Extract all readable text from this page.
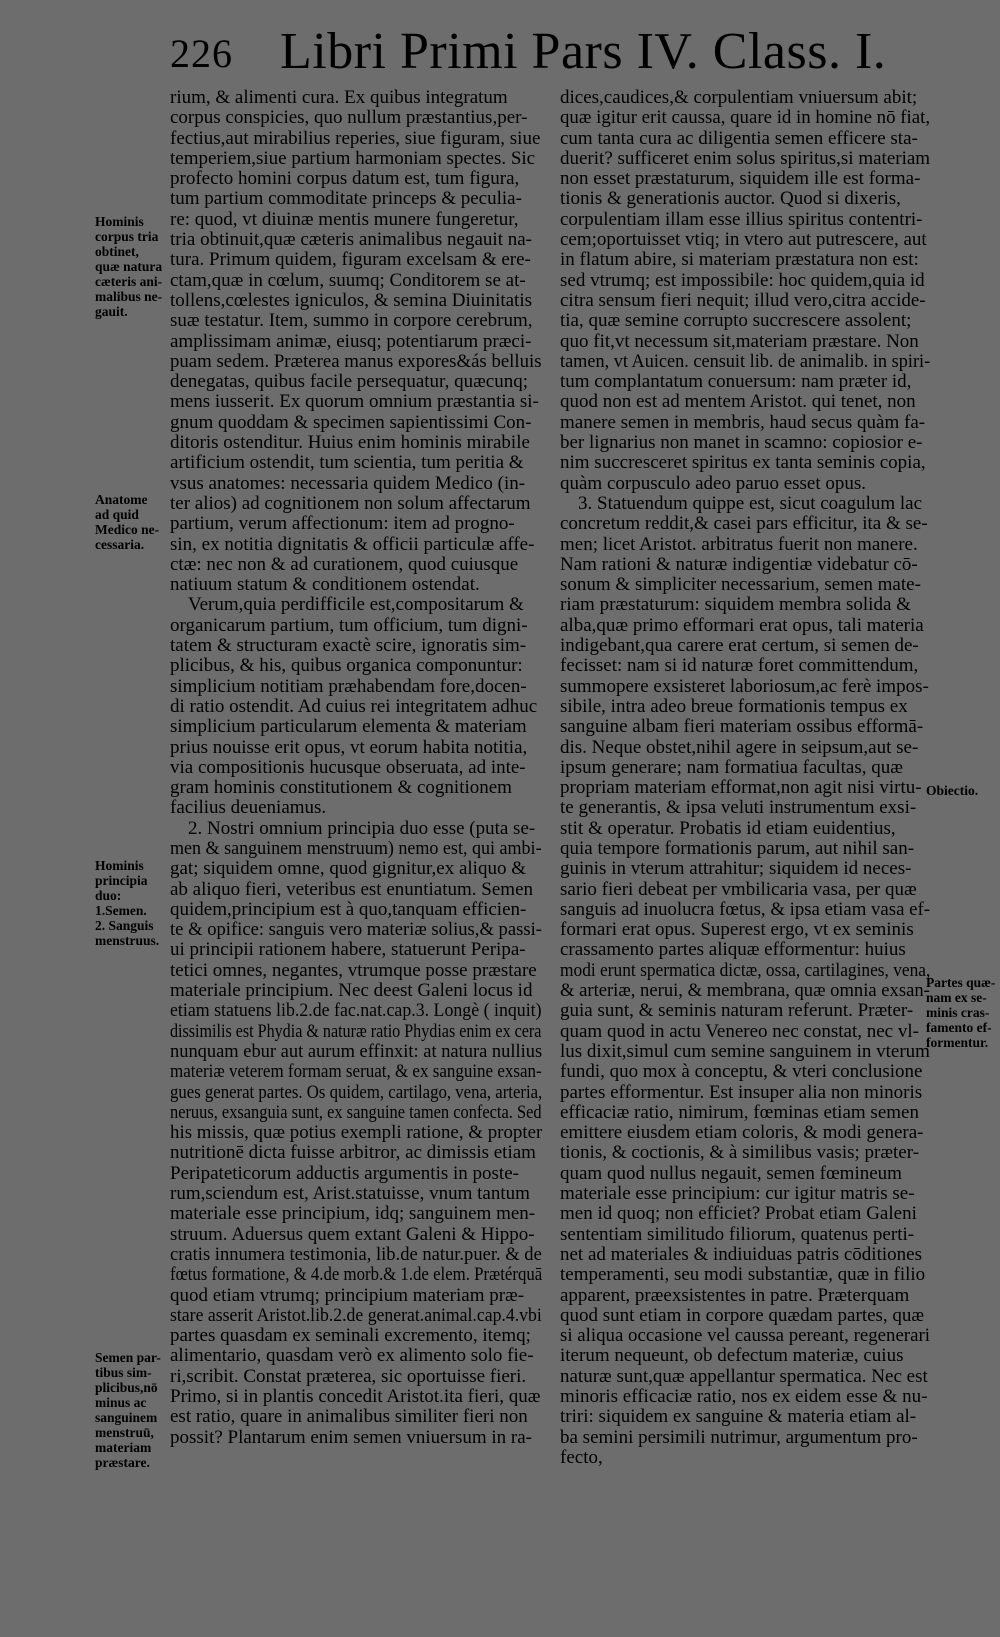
226 Libri Primi Pars IV. Class. I.

rium, & alimenti cura. Ex quibus integratum

corpus conspicies, quo nullum præstantius,per-

fectius,aut mirabilius reperies, siue figuram, siue

temperiem,siue partium harmoniam spectes. Sic

profecto homini corpus datum est, tum figura,

tum partium commoditate princeps & peculia-

re: quod, vt diuinæ mentis munere fungeretur,

tria obtinuit,quæ cæteris animalibus negauit na-

tura. Primum quidem, figuram excelsam & ere-

ctam,quæ in cœlum, suumq; Conditorem se at-

tollens,cœlestes igniculos, & semina Diuinitatis

suæ testatur. Item, summo in corpore cerebrum,

amplissimam animæ, eiusq; potentiarum præci-

puam sedem. Præterea manus expores&ás belluis

denegatas, quibus facile persequatur, quæcunq;

mens iusserit. Ex quorum omnium præstantia si-

gnum quoddam & specimen sapientissimi Con-

ditoris ostenditur. Huius enim hominis mirabile

artificium ostendit, tum scientia, tum peritia &

vsus anatomes: necessaria quidem Medico (in-

ter alios) ad cognitionem non solum affectarum

partium, verum affectionum: item ad progno-

sin, ex notitia dignitatis & officii particulæ affe-

ctæ: nec non & ad curationem, quod cuiusque

natiuum statum & conditionem ostendat.

Verum,quia perdifficile est,compositarum &

organicarum partium, tum officium, tum digni-

tatem & structuram exactè scire, ignoratis sim-

plicibus, & his, quibus organica componuntur:

simplicium notitiam præhabendam fore,docen-

di ratio ostendit. Ad cuius rei integritatem adhuc

simplicium particularum elementa & materiam

prius nouisse erit opus, vt eorum habita notitia,

via compositionis hucusque obseruata, ad inte-

gram hominis constitutionem & cognitionem

facilius deueniamus.

2. Nostri omnium principia duo esse (puta se-

men & sanguinem menstruum) nemo est, qui ambi-

gat; siquidem omne, quod gignitur,ex aliquo &

ab aliquo fieri, veteribus est enuntiatum. Semen

quidem,principium est à quo,tanquam efficien-

te & opifice: sanguis vero materiæ solius,& passi-

ui principii rationem habere, statuerunt Peripa-

tetici omnes, negantes, vtrumque posse præstare

materiale principium. Nec deest Galeni locus id

etiam statuens lib.2.de fac.nat.cap.3. Longè ( inquit)

dissimilis est Phydia & naturæ ratio Phydias enim ex cera

nunquam ebur aut aurum effinxit: at natura nullius

materiæ veterem formam seruat, & ex sanguine exsan-

gues generat partes. Os quidem, cartilago, vena, arteria,

neruus, exsanguia sunt, ex sanguine tamen confecta. Sed

his missis, quæ potius exempli ratione, & propter

nutritionē dicta fuisse arbitror, ac dimissis etiam

Peripateticorum adductis argumentis in poste-

rum,sciendum est, Arist.statuisse, vnum tantum

materiale esse principium, idq; sanguinem men-

struum. Aduersus quem extant Galeni & Hippo-

cratis innumera testimonia, lib.de natur.puer. & de

fœtus formatione, & 4.de morb.& 1.de elem. Prætérquā

quod etiam vtrumq; principium materiam præ-

stare asserit Aristot.lib.2.de generat.animal.cap.4.vbi

partes quasdam ex seminali excremento, itemq;

alimentario, quasdam verò ex alimento solo fie-

ri,scribit. Constat præterea, sic oportuisse fieri.

Primo, si in plantis concedit Aristot.ita fieri, quæ

est ratio, quare in animalibus similiter fieri non

possit? Plantarum enim semen vniuersum in ra-

dices,caudices,& corpulentiam vniuersum abit;

quæ igitur erit caussa, quare id in homine nō fiat,

cum tanta cura ac diligentia semen efficere sta-

duerit? sufficeret enim solus spiritus,si materiam

non esset præstaturum, siquidem ille est forma-

tionis & generationis auctor. Quod si dixeris,

corpulentiam illam esse illius spiritus contentri-

cem;oportuisset vtiq; in vtero aut putrescere, aut

in flatum abire, si materiam præstatura non est:

sed vtrumq; est impossibile: hoc quidem,quia id

citra sensum fieri nequit; illud vero,citra accide-

tia, quæ semine corrupto succrescere assolent;

quo fit,vt necessum sit,materiam præstare. Non

tamen, vt Auicen. censuit lib. de animalib. in spiri-

tum complantatum conuersum: nam præter id,

quod non est ad mentem Aristot. qui tenet, non

manere semen in membris, haud secus quàm fa-

ber lignarius non manet in scamno: copiosior e-

nim succresceret spiritus ex tanta seminis copia,

quàm corpusculo adeo paruo esset opus.

3. Statuendum quippe est, sicut coagulum lac

concretum reddit,& casei pars efficitur, ita & se-

men; licet Aristot. arbitratus fuerit non manere.

Nam rationi & naturæ indigentiæ videbatur cō-

sonum & simpliciter necessarium, semen mate-

riam præstaturum: siquidem membra solida &

alba,quæ primo efformari erat opus, tali materia

indigebant,qua carere erat certum, si semen de-

fecisset: nam si id naturæ foret committendum,

summopere exsisteret laboriosum,ac ferè impos-

sibile, intra adeo breue formationis tempus ex

sanguine albam fieri materiam ossibus efformā-

dis. Neque obstet,nihil agere in seipsum,aut se-

ipsum generare; nam formatiua facultas, quæ

propriam materiam efformat,non agit nisi virtu-

te generantis, & ipsa veluti instrumentum exsi-

stit & operatur. Probatis id etiam euidentius,

quia tempore formationis parum, aut nihil san-

guinis in vterum attrahitur; siquidem id neces-

sario fieri debeat per vmbilicaria vasa, per quæ

sanguis ad inuolucra fœtus, & ipsa etiam vasa ef-

formari erat opus. Superest ergo, vt ex seminis

crassamento partes aliquæ efformentur: huius

modi erunt spermatica dictæ, ossa, cartilagines, vena,

& arteriæ, nerui, & membrana, quæ omnia exsan-

guia sunt, & seminis naturam referunt. Præter-

quam quod in actu Venereo nec constat, nec vl-

lus dixit,simul cum semine sanguinem in vterum

fundi, quo mox à conceptu, & vteri conclusione

partes efformentur. Est insuper alia non minoris

efficaciæ ratio, nimirum, fœminas etiam semen

emittere eiusdem etiam coloris, & modi genera-

tionis, & coctionis, & à similibus vasis; præter-

quam quod nullus negauit, semen fœmineum

materiale esse principium: cur igitur matris se-

men id quoq; non efficiet? Probat etiam Galeni

sententiam similitudo filiorum, quatenus perti-

net ad materiales & indiuiduas patris cōditiones

temperamenti, seu modi substantiæ, quæ in filio

apparent, præexsistentes in patre. Præterquam

quod sunt etiam in corpore quædam partes, quæ

si aliqua occasione vel caussa pereant, regenerari

iterum nequeunt, ob defectum materiæ, cuius

naturæ sunt,quæ appellantur spermatica. Nec est

minoris efficaciæ ratio, nos ex eidem esse & nu-

triri: siquidem ex sanguine & materia etiam al-

ba semini persimili nutrimur, argumentum pro-

fecto,

Hominis

corpus tria

obtinet,

quæ natura

cæteris ani-

malibus ne-

gauit.

Anatome

ad quid

Medico ne-

cessaria.

Hominis

principia

duo:

1.Semen.

2. Sanguis

menstruus.

Semen par-

tibus sim-

plicibus,nō

minus ac

sanguinem

menstruū,

materiam

præstare.

Obiectio.

Partes quæ-

nam ex se-

minis cras-

famento ef-

formentur.
